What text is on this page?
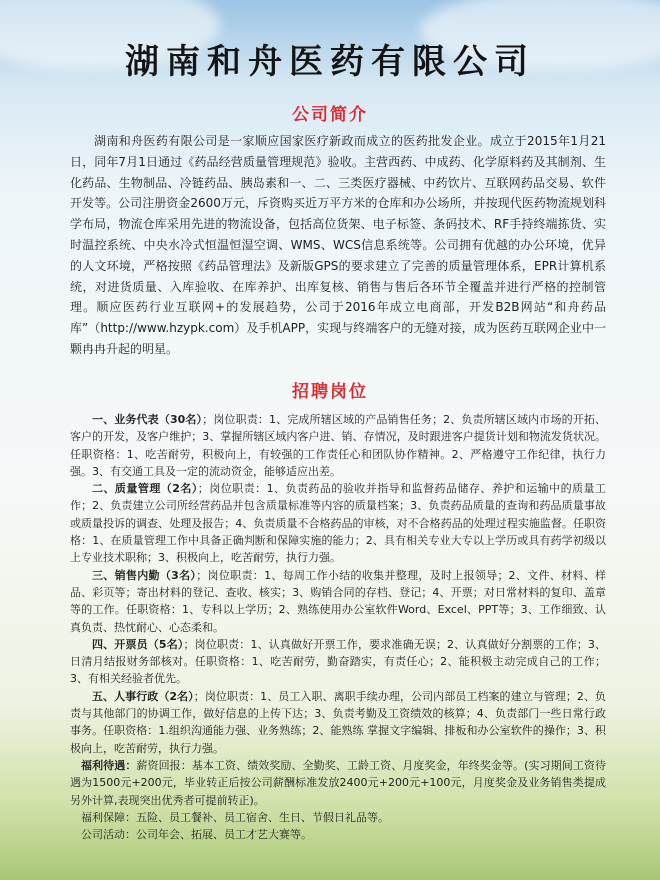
湖南和舟医药有限公司
公司简介

湖南和舟医药有限公司是一家顺应国家医疗新政而成立的医药批发企业。成立于2015年1月21日，同年7月1日通过《药品经营质量管理规范》验收。主营西药、中成药、化学原料药及其制剂、生化药品、生物制品、冷链药品、胰岛素和一、二、三类医疗器械、中药饮片、互联网药品交易、软件开发等。公司注册资金2600万元，斥资购买近万平方米的仓库和办公场所，并按现代医药物流规划科学布局，物流仓库采用先进的物流设备，包括高位货架、电子标签、条码技术、RF手持终端拣货、实时温控系统、中央水冷式恒温恒湿空调、WMS、WCS信息系统等。公司拥有优越的办公环境，优异的人文环境，严格按照《药品管理法》及新版GPS的要求建立了完善的质量管理体系，EPR计算机系统，对进货质量、入库验收、在库养护、出库复核、销售与售后各环节全覆盖并进行严格的控制管理。顺应医药行业互联网+的发展趋势，公司于2016年成立电商部，开发B2B网站“和舟药品库”（http://www.hzypk.com）及手机APP，实现与终端客户的无缝对接，成为医药互联网企业中一颗冉冉升起的明星。

招聘岗位

一、业务代表（30名）；岗位职责：1、完成所辖区域的产品销售任务；2、负责所辖区域内市场的开拓、客户的开发，及客户维护；3、掌握所辖区域内客户进、销、存情况，及时跟进客户提货计划和物流发货状况。任职资格：1、吃苦耐劳，积极向上，有较强的工作责任心和团队协作精神。2、严格遵守工作纪律，执行力强。3、有交通工具及一定的流动资金，能够适应出差。

二、质量管理（2名）；岗位职责：1、负责药品的验收并指导和监督药品储存、养护和运输中的质量工作；2、负责建立公司所经营药品并包含质量标准等内容的质量档案；3、负责药品质量的查询和药品质量事故或质量投诉的调查、处理及报告；4、负责质量不合格药品的审核，对不合格药品的处理过程实施监督。任职资格：1、在质量管理工作中具备正确判断和保障实施的能力；2、具有相关专业大专以上学历或具有药学初级以上专业技术职称；3、积极向上，吃苦耐劳，执行力强。

三、销售内勤（3名）；岗位职责：1、每周工作小结的收集并整理，及时上报领导；2、文件、材料、样品、彩页等；寄出材料的登记、查收、核实；3、购销合同的存档、登记；4、开票；对日常材料的复印、盖章等的工作。任职资格：1、专科以上学历；2、熟练使用办公室软件Word、Excel、PPT等；3、工作细致、认真负责、热忱耐心、心态柔和。

四、开票员（5名）；岗位职责：1、认真做好开票工作，要求准确无误；2、认真做好分割票的工作；3、日清月结报财务部核对。任职资格：1、吃苦耐劳，勤奋踏实，有责任心；2、能积极主动完成自己的工作；3、有相关经验者优先。

五、人事行政（2名）；岗位职责：1、员工入职、离职手续办理，公司内部员工档案的建立与管理；2、负责与其他部门的协调工作，做好信息的上传下达；3、负责考勤及工资绩效的核算；4、负责部门一些日常行政事务。任职资格：1.组织沟通能力强、业务熟练；2、能熟练 掌握文字编辑、排板和办公室软件的操作；3、积极向上，吃苦耐劳，执行力强。

福利待遇：薪资回报：基本工资、绩效奖励、全勤奖、工龄工资、月度奖金，年终奖金等。(实习期间工资待遇为1500元+200元，毕业转正后按公司薪酬标准发放2400元+200元+100元，月度奖金及业务销售类提成另外计算,表现突出优秀者可提前转正)。

福利保障：五险、员工餐补、员工宿舍、生日、节假日礼品等。

公司活动：公司年会、拓展、员工才艺大赛等。
